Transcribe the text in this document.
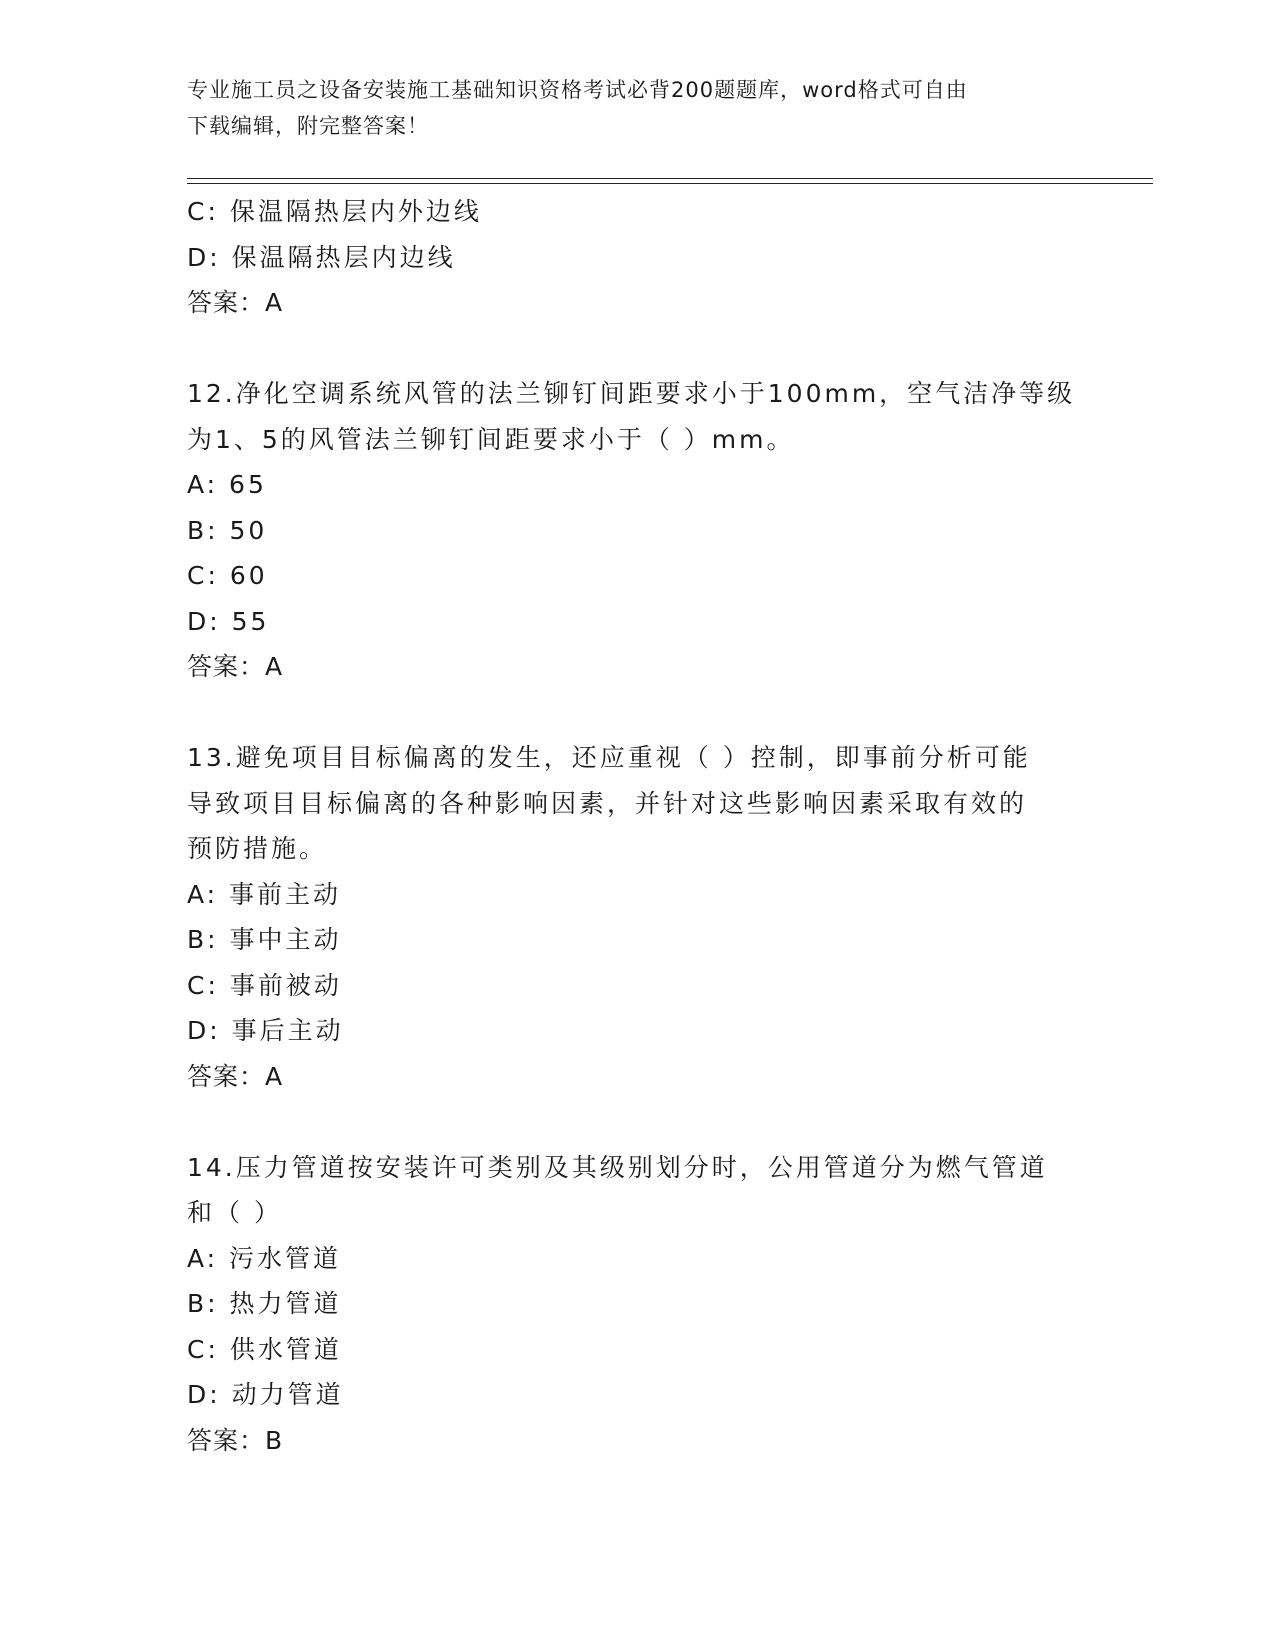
专业施工员之设备安装施工基础知识资格考试必背200题题库，word格式可自由
下载编辑，附完整答案！
C: 保温隔热层内外边线
D: 保温隔热层内边线
答案：A
12.净化空调系统风管的法兰铆钉间距要求小于100mm，空气洁净等级
为1、5的风管法兰铆钉间距要求小于（ ）mm。
A: 65
B: 50
C: 60
D: 55
答案：A
13.避免项目目标偏离的发生，还应重视（ ）控制，即事前分析可能
导致项目目标偏离的各种影响因素，并针对这些影响因素采取有效的
预防措施。
A: 事前主动
B: 事中主动
C: 事前被动
D: 事后主动
答案：A
14.压力管道按安装许可类别及其级别划分时，公用管道分为燃气管道
和（ ）
A: 污水管道
B: 热力管道
C: 供水管道
D: 动力管道
答案：B
